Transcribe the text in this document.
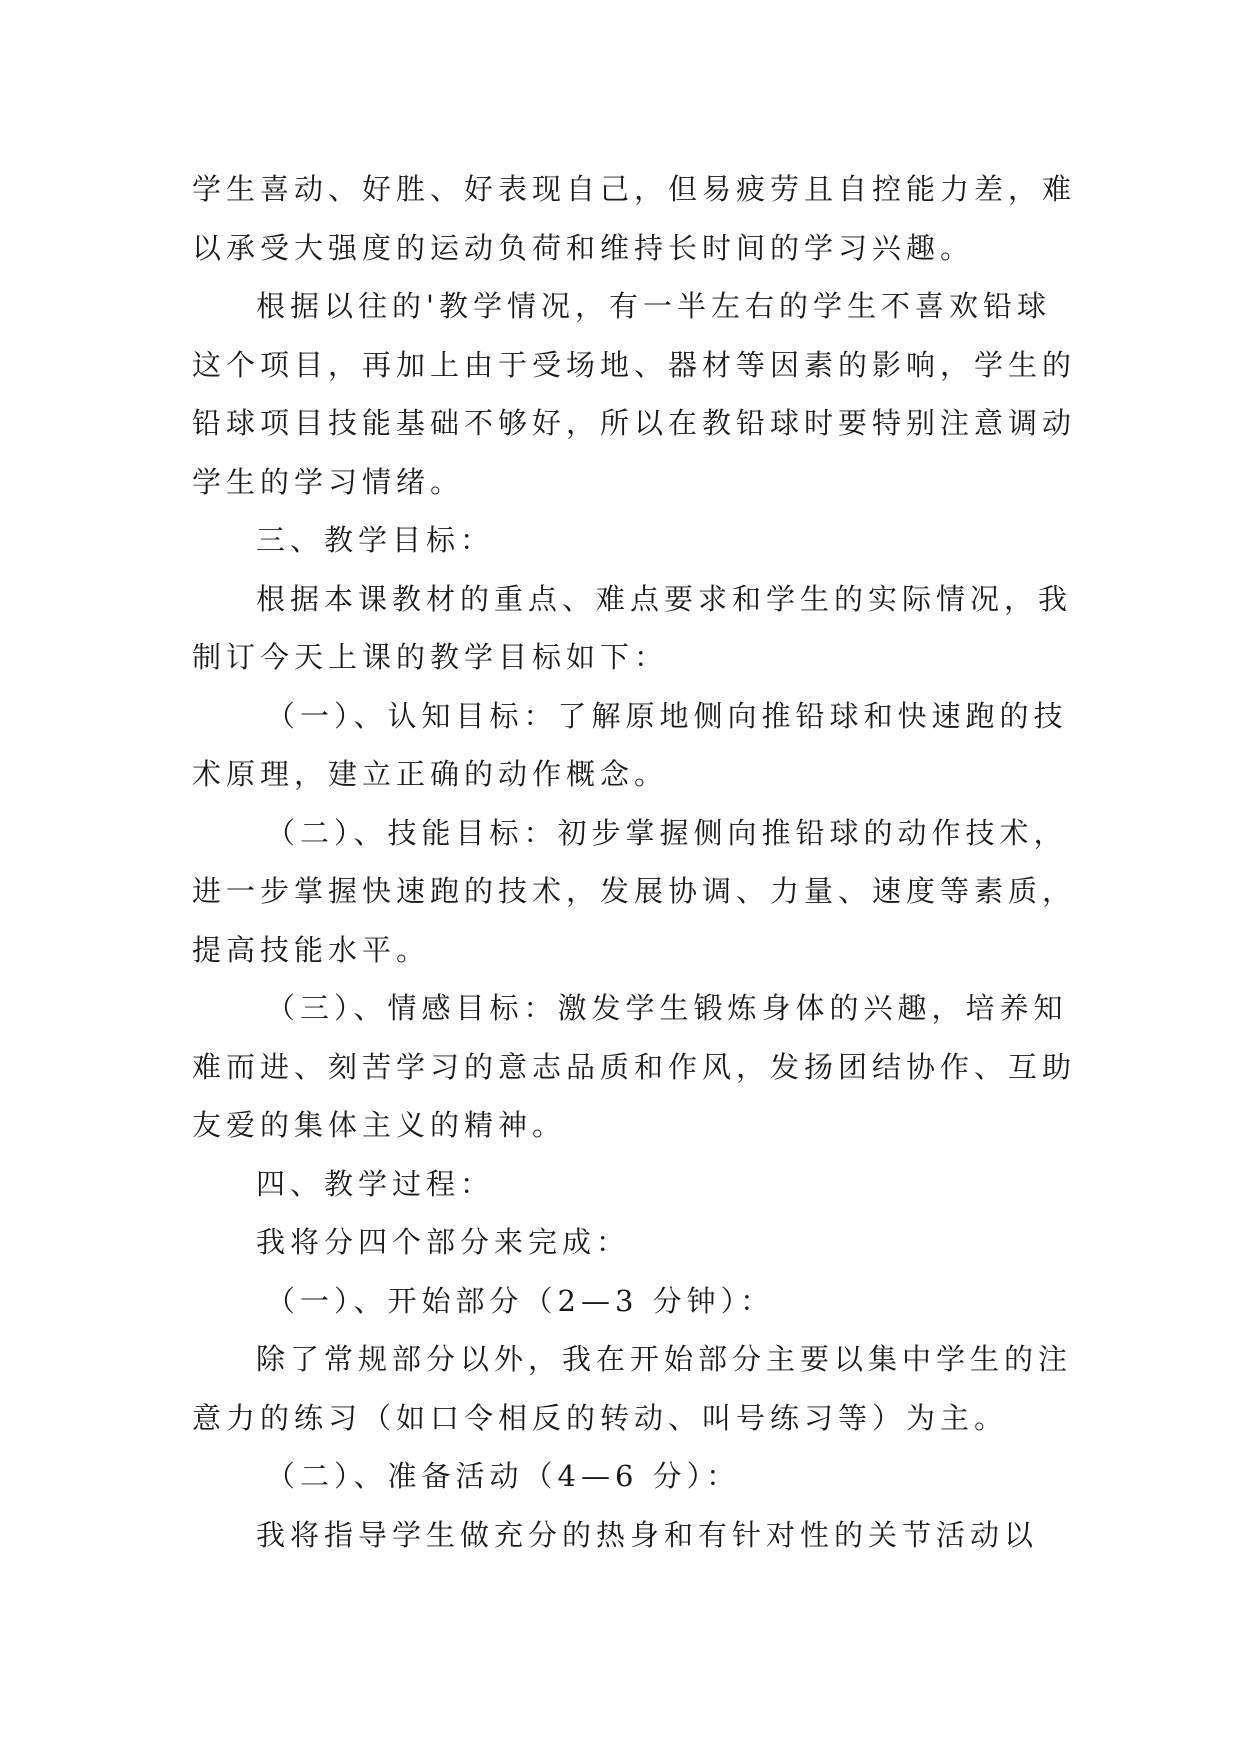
学生喜动、好胜、好表现自己，但易疲劳且自控能力差，难

以承受大强度的运动负荷和维持长时间的学习兴趣。

根据以往的'教学情况，有一半左右的学生不喜欢铅球

这个项目，再加上由于受场地、器材等因素的影响，学生的

铅球项目技能基础不够好，所以在教铅球时要特别注意调动

学生的学习情绪。

三、教学目标：

根据本课教材的重点、难点要求和学生的实际情况，我

制订今天上课的教学目标如下：

（一）、认知目标：了解原地侧向推铅球和快速跑的技

术原理，建立正确的动作概念。

（二）、技能目标：初步掌握侧向推铅球的动作技术，

进一步掌握快速跑的技术，发展协调、力量、速度等素质，

提高技能水平。

（三）、情感目标：激发学生锻炼身体的兴趣，培养知

难而进、刻苦学习的意志品质和作风，发扬团结协作、互助

友爱的集体主义的精神。

四、教学过程：

我将分四个部分来完成：

（一）、开始部分（2—3 分钟）：

除了常规部分以外，我在开始部分主要以集中学生的注

意力的练习（如口令相反的转动、叫号练习等）为主。

（二）、准备活动（4—6 分）：

我将指导学生做充分的热身和有针对性的关节活动以
